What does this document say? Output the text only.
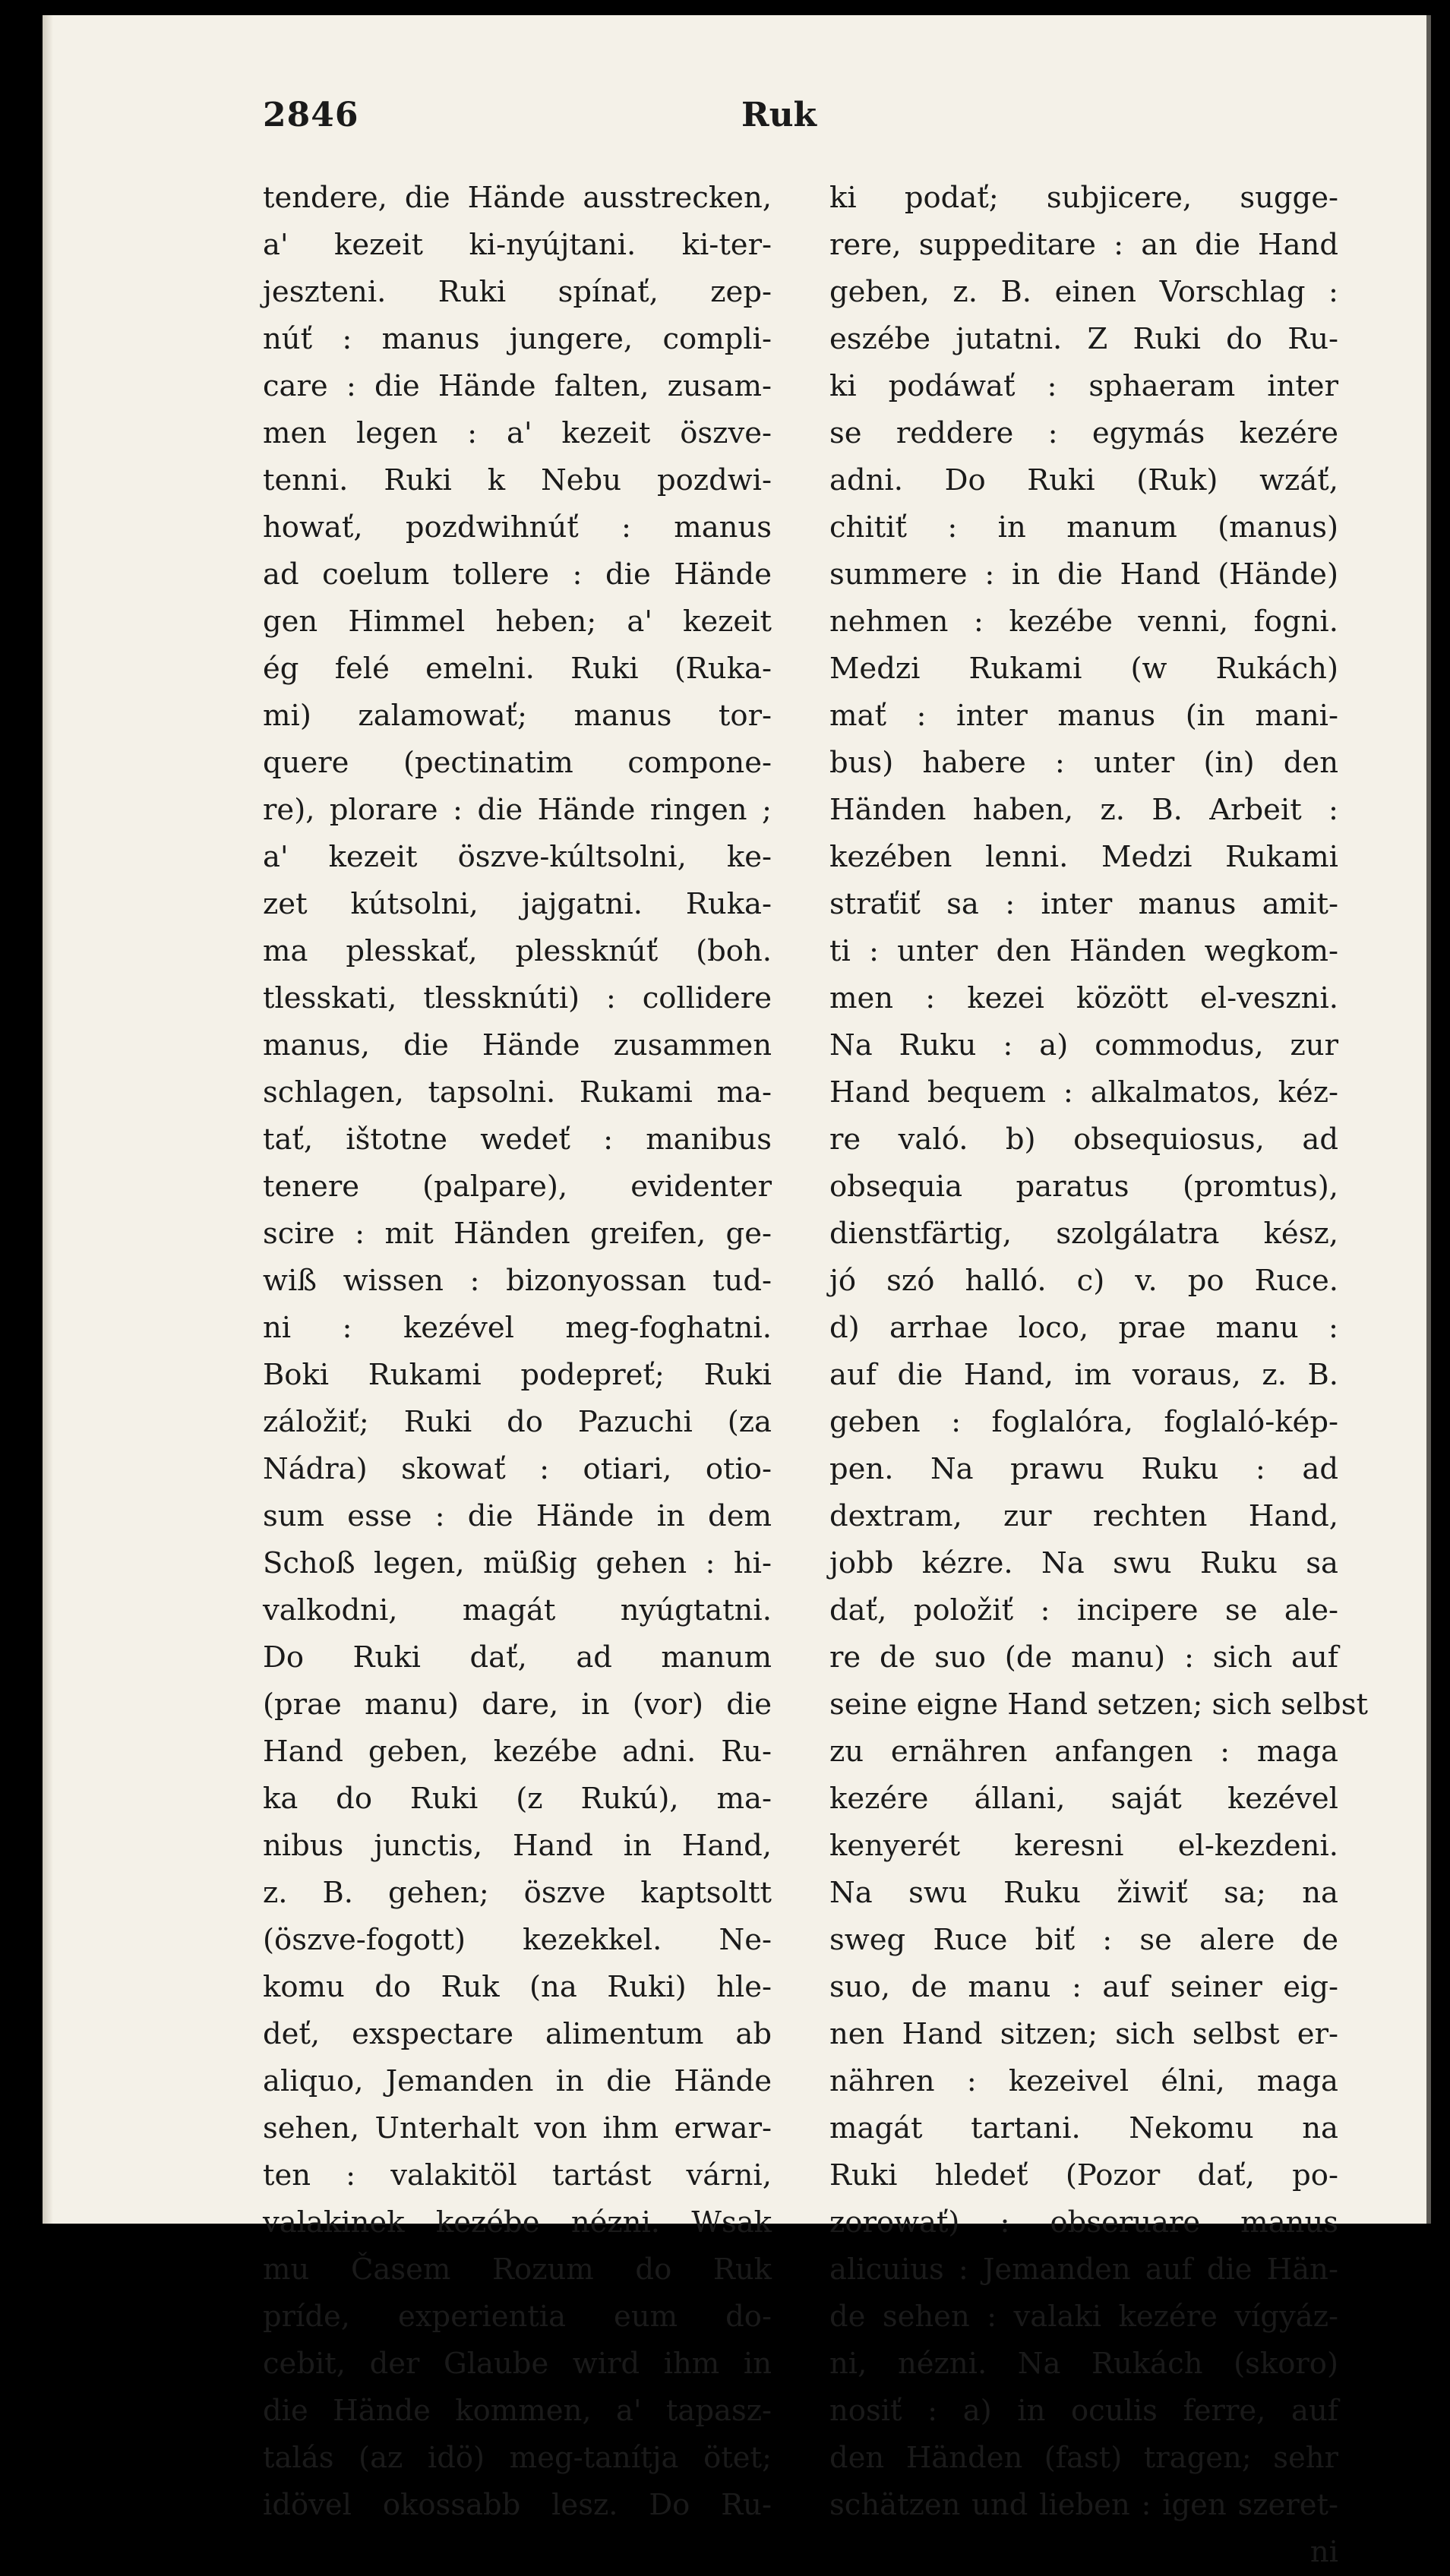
2846	Ruk
tendere, die Hände ausstrecken,
a' kezeit ki-nyújtani. ki-ter-
jeszteni. Ruki spínať, zep-
núť : manus jungere, compli-
care : die Hände falten, zusam-
men legen : a' kezeit öszve-
tenni. Ruki k Nebu pozdwi-
howať, pozdwihnúť : manus
ad coelum tollere : die Hände
gen Himmel heben; a' kezeit
ég felé emelni. Ruki (Ruka-
mi) zalamowať; manus tor-
quere (pectinatim compone-
re), plorare : die Hände ringen ;
a' kezeit öszve-kúltsolni, ke-
zet kútsolni, jajgatni. Ruka-
ma plesskať, plessknúť (boh.
tlesskati, tlessknúti) : collidere
manus, die Hände zusammen
schlagen, tapsolni. Rukami ma-
tať, ištotne wedeť : manibus
tenere (palpare), evidenter
scire : mit Händen greifen, ge-
wiß wissen : bizonyossan tud-
ni : kezével meg-foghatni.
Boki Rukami podepreť; Ruki
záložiť; Ruki do Pazuchi (za
Nádra) skowať : otiari, otio-
sum esse : die Hände in dem
Schoß legen, müßig gehen : hi-
valkodni, magát nyúgtatni.
Do Ruki dať, ad manum
(prae manu) dare, in (vor) die
Hand geben, kezébe adni. Ru-
ka do Ruki (z Rukú), ma-
nibus junctis, Hand in Hand,
z. B. gehen; öszve kaptsoltt
(öszve-fogott) kezekkel. Ne-
komu do Ruk (na Ruki) hle-
deť, exspectare alimentum ab
aliquo, Jemanden in die Hände
sehen, Unterhalt von ihm erwar-
ten : valakitöl tartást várni,
valakinek kezébe nézni. Wsak
mu Časem Rozum do Ruk
príde, experientia eum do-
cebit, der Glaube wird ihm in
die Hände kommen, a' tapasz-
talás (az idö) meg-tanítja ötet;
idövel okossabb lesz. Do Ru-
ki podať; subjicere, sugge-
rere, suppeditare : an die Hand
geben, z. B. einen Vorschlag :
eszébe jutatni. Z Ruki do Ru-
ki podáwať : sphaeram inter
se reddere : egymás kezére
adni. Do Ruki (Ruk) wzáť,
chitiť : in manum (manus)
summere : in die Hand (Hände)
nehmen : kezébe venni, fogni.
Medzi Rukami (w Rukách)
mať : inter manus (in mani-
bus) habere : unter (in) den
Händen haben, z. B. Arbeit :
kezében lenni. Medzi Rukami
straťiť sa : inter manus amit-
ti : unter den Händen wegkom-
men : kezei között el-veszni.
Na Ruku : a) commodus, zur
Hand bequem : alkalmatos, kéz-
re való. b) obsequiosus, ad
obsequia paratus (promtus),
dienstfärtig, szolgálatra kész,
jó szó halló. c) v. po Ruce.
d) arrhae loco, prae manu :
auf die Hand, im voraus, z. B.
geben : foglalóra, foglaló-kép-
pen. Na prawu Ruku : ad
dextram, zur rechten Hand,
jobb kézre. Na swu Ruku sa
dať, položiť : incipere se ale-
re de suo (de manu) : sich auf
seine eigne Hand setzen; sich selbst
zu ernähren anfangen : maga
kezére állani, saját kezével
kenyerét keresni el-kezdeni.
Na swu Ruku žiwiť sa; na
sweg Ruce biť : se alere de
suo, de manu : auf seiner eig-
nen Hand sitzen; sich selbst er-
nähren : kezeivel élni, maga
magát tartani. Nekomu na
Ruki hledeť (Pozor dať, po-
zorowať) : obseruare manus
alicuius : Jemanden auf die Hän-
de sehen : valaki kezére vígyáz-
ni, nézni. Na Rukách (skoro)
nosiť : a) in oculis ferre, auf
den Händen (fast) tragen; sehr
schätzen und lieben : igen szeret-
ni
